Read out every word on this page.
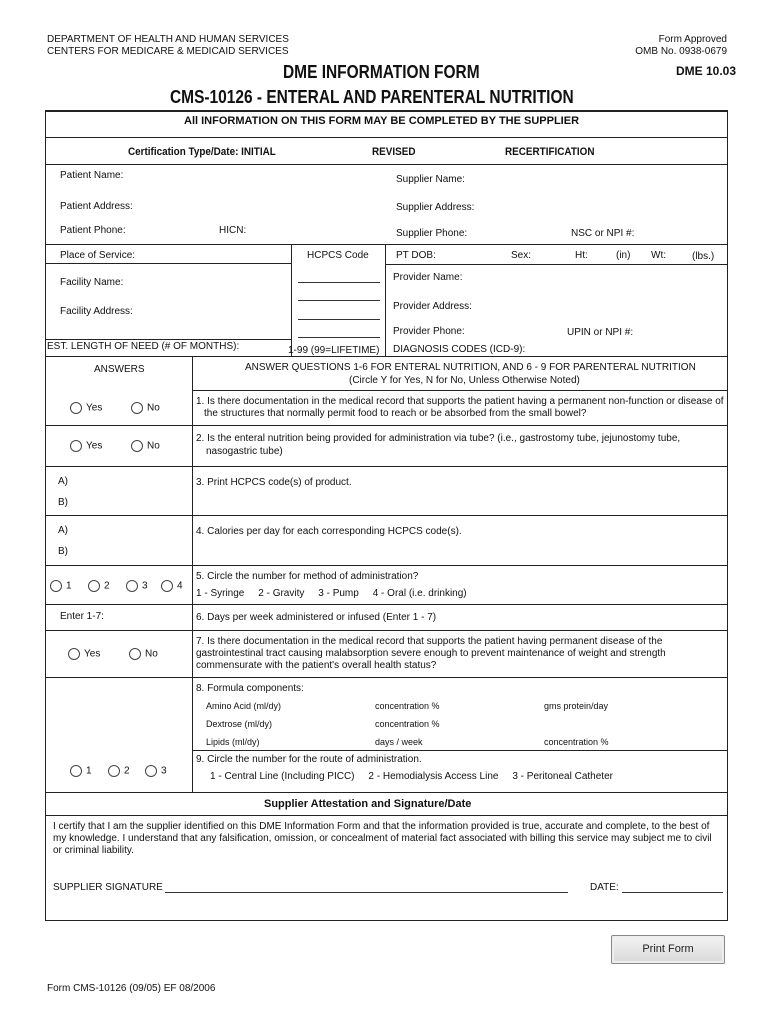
DEPARTMENT OF HEALTH AND HUMAN SERVICES
CENTERS FOR MEDICARE & MEDICAID SERVICES
Form Approved
OMB No. 0938-0679
DME INFORMATION FORM	DME 10.03
CMS-10126 - ENTERAL AND PARENTERAL NUTRITION
All INFORMATION ON THIS FORM MAY BE COMPLETED BY THE SUPPLIER
Certification Type/Date: INITIAL	REVISED	RECERTIFICATION
Patient Name:	Supplier Name:
Patient Address:	Supplier Address:
Patient Phone:	HICN:	Supplier Phone:	NSC or NPI #:
Place of Service:	HCPCS Code	PT DOB:	Sex:	Ht:	(in) Wt:	(lbs.)
Facility Name:	Provider Name:
Facility Address:	Provider Address:
Provider Phone:	UPIN or NPI #:
EST. LENGTH OF NEED (# OF MONTHS):	1-99 (99=LIFETIME) DIAGNOSIS CODES (ICD-9):
ANSWERS	ANSWER QUESTIONS 1-6 FOR ENTERAL NUTRITION, AND 6 - 9 FOR PARENTERAL NUTRITION
(Circle Y for Yes, N for No, Unless Otherwise Noted)
Yes	No
1. Is there documentation in the medical record that supports the patient having a permanent non-function or disease of
the structures that normally permit food to reach or be absorbed from the small bowel?
Yes	No
2. Is the enteral nutrition being provided for administration via tube? (i.e., gastrostomy tube, jejunostomy tube,
nasogastric tube)
A)
B)
3. Print HCPCS code(s) of product.
A)
B)
4. Calories per day for each corresponding HCPCS code(s).
1	2	3	4
5. Circle the number for method of administration?
1 - Syringe     2 - Gravity     3 - Pump     4 - Oral (i.e. drinking)
Enter 1-7:	6. Days per week administered or infused (Enter 1 - 7)
Yes	No
7. Is there documentation in the medical record that supports the patient having permanent disease of the
gastrointestinal tract causing malabsorption severe enough to prevent maintenance of weight and strength
commensurate with the patient's overall health status?
8. Formula components:
Amino Acid (ml/dy)	concentration %	gms protein/day
Dextrose (ml/dy)	concentration %
Lipids (ml/dy)	days / week	concentration %
1	2	3
9. Circle the number for the route of administration.
1 - Central Line (Including PICC)     2 - Hemodialysis Access Line     3 - Peritoneal Catheter
Supplier Attestation and Signature/Date
I certify that I am the supplier identified on this DME Information Form and that the information provided is true, accurate and complete, to the best of
my knowledge. I understand that any falsification, omission, or concealment of material fact associated with billing this service may subject me to civil
or criminal liability.
SUPPLIER SIGNATURE	DATE:
Print Form
Form CMS-10126 (09/05) EF 08/2006
